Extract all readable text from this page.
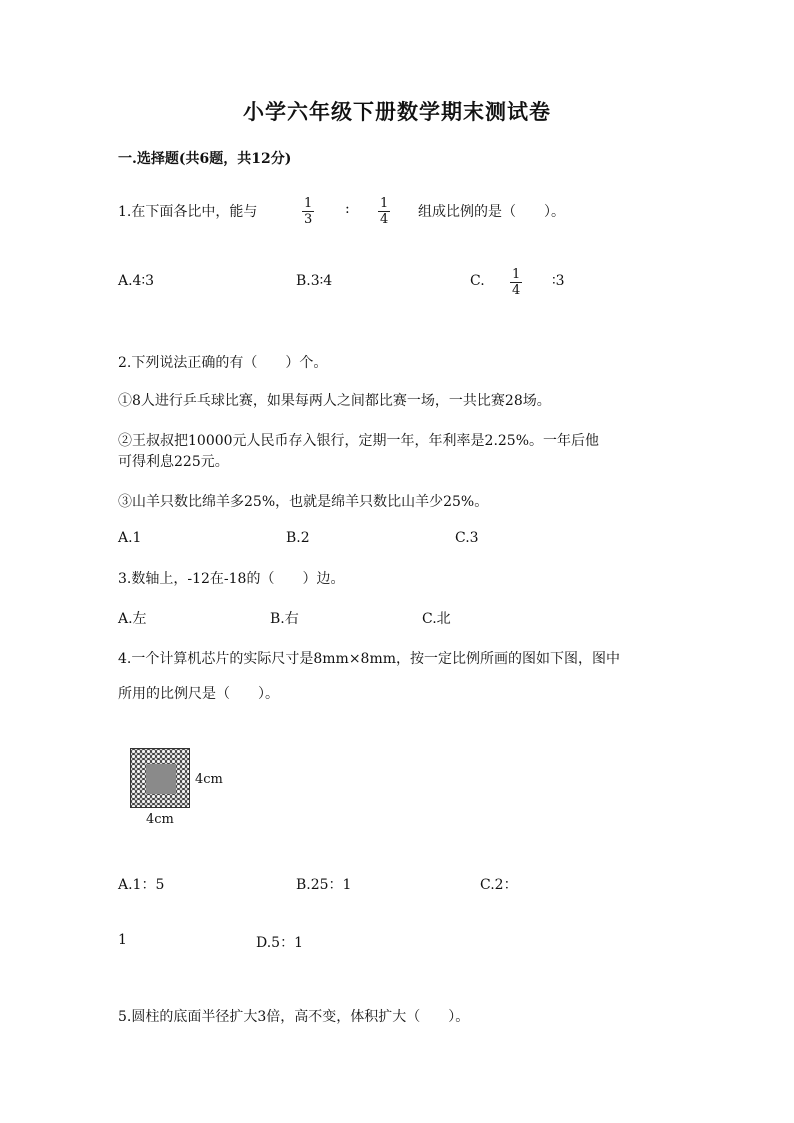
小学六年级下册数学期末测试卷
一.选择题(共6题，共12分)
1.在下面各比中，能与	$\frac{1}{3}$ : $\frac{1}{4}$ 组成比例的是（　　）。
A.4∶3	B.3∶4	C. $\frac{1}{4}$ ∶3
2.下列说法正确的有（　　）个。
①8人进行乒乓球比赛，如果每两人之间都比赛一场，一共比赛28场。
②王叔叔把10000元人民币存入银行，定期一年，年利率是2.25%。一年后他
可得利息225元。
③山羊只数比绵羊多25%，也就是绵羊只数比山羊少25%。
A.1	B.2	C.3
3.数轴上，-12在-18的（　　）边。
A.左	B.右	C.北
4.一个计算机芯片的实际尺寸是8mm×8mm，按一定比例所画的图如下图，图中
所用的比例尺是（　　）。
4cm
4cm
A.1：5	B.25：1	C.2：
1	D.5：1
5.圆柱的底面半径扩大3倍，高不变，体积扩大（　　）。
